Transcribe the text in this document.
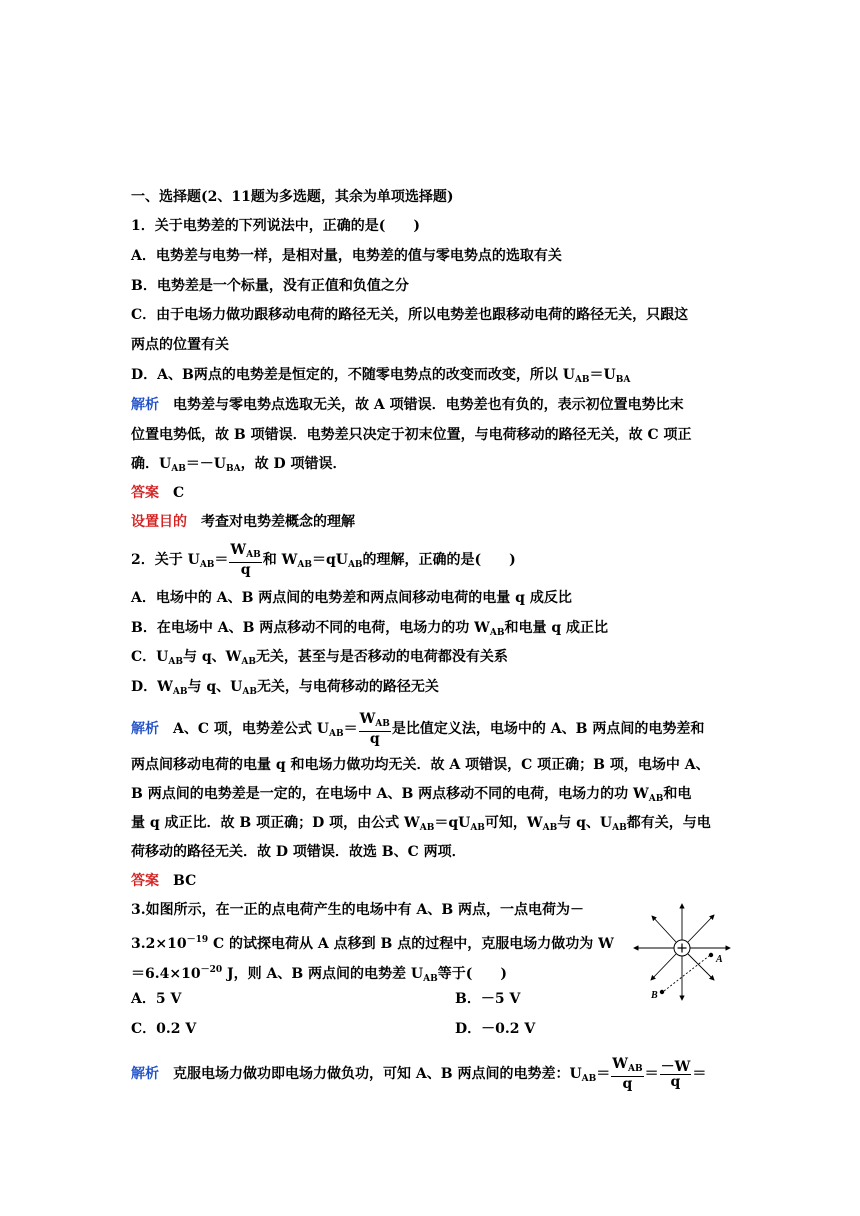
一、选择题(2、11题为多选题，其余为单项选择题)
1．关于电势差的下列说法中，正确的是(　　)
A．电势差与电势一样，是相对量，电势差的值与零电势点的选取有关
B．电势差是一个标量，没有正值和负值之分
C．由于电场力做功跟移动电荷的路径无关，所以电势差也跟移动电荷的路径无关，只跟这
两点的位置有关
D．A、B两点的电势差是恒定的，不随零电势点的改变而改变，所以 $U_{AB}=U_{BA}$
解析 电势差与零电势点选取无关，故 A 项错误．电势差也有负的，表示初位置电势比末
位置电势低，故 B 项错误．电势差只决定于初末位置，与电荷移动的路径无关，故 C 项正
确．$U_{AB}=-U_{BA}$，故 D 项错误．
答案 C
设置目的 考查对电势差概念的理解
2．关于 $U_{AB}= \frac{W_{AB}}{q}$ 和 $W_{AB}=qU_{AB}$的理解，正确的是(　　)
A．电场中的 A、B 两点间的电势差和两点间移动电荷的电量 q 成反比
B．在电场中 A、B 两点移动不同的电荷，电场力的功 $W_{AB}$和电量 q 成正比
C．$U_{AB}$与 q、$W_{AB}$无关，甚至与是否移动的电荷都没有关系
D．$W_{AB}$与 q、$U_{AB}$无关，与电荷移动的路径无关
解析 A、C 项，电势差公式 $U_{AB}= \frac{W_{AB}}{q}$ 是比值定义法，电场中的 A、B 两点间的电势差和
两点间移动电荷的电量 q 和电场力做功均无关．故 A 项错误，C 项正确；B 项，电场中 A、
B 两点间的电势差是一定的，在电场中 A、B 两点移动不同的电荷，电场力的功 $W_{AB}$和电
量 q 成正比．故 B 项正确；D 项，由公式 $W_{AB}=qU_{AB}$可知，$W_{AB}$与 q、$U_{AB}$都有关，与电
荷移动的路径无关．故 D 项错误．故选 B、C 两项．
答案 BC
3.如图所示，在一正的点电荷产生的电场中有 A、B 两点，一点电荷为－
$3.2\times 10^{-19}$ C 的试探电荷从 A 点移到 B 点的过程中，克服电场力做功为 W
$=6.4\times 10^{-20}$ J，则 A、B 两点间的电势差 $U_{AB}$等于(　　)
A．5 V	B．－5 V
C．0.2 V	D．－0.2 V
A
B
解析 克服电场力做功即电场力做负功，可知 A、B 两点间的电势差：$U_{AB}= \frac{W_{AB}}{q} = \frac{-W}{q}$ ＝
